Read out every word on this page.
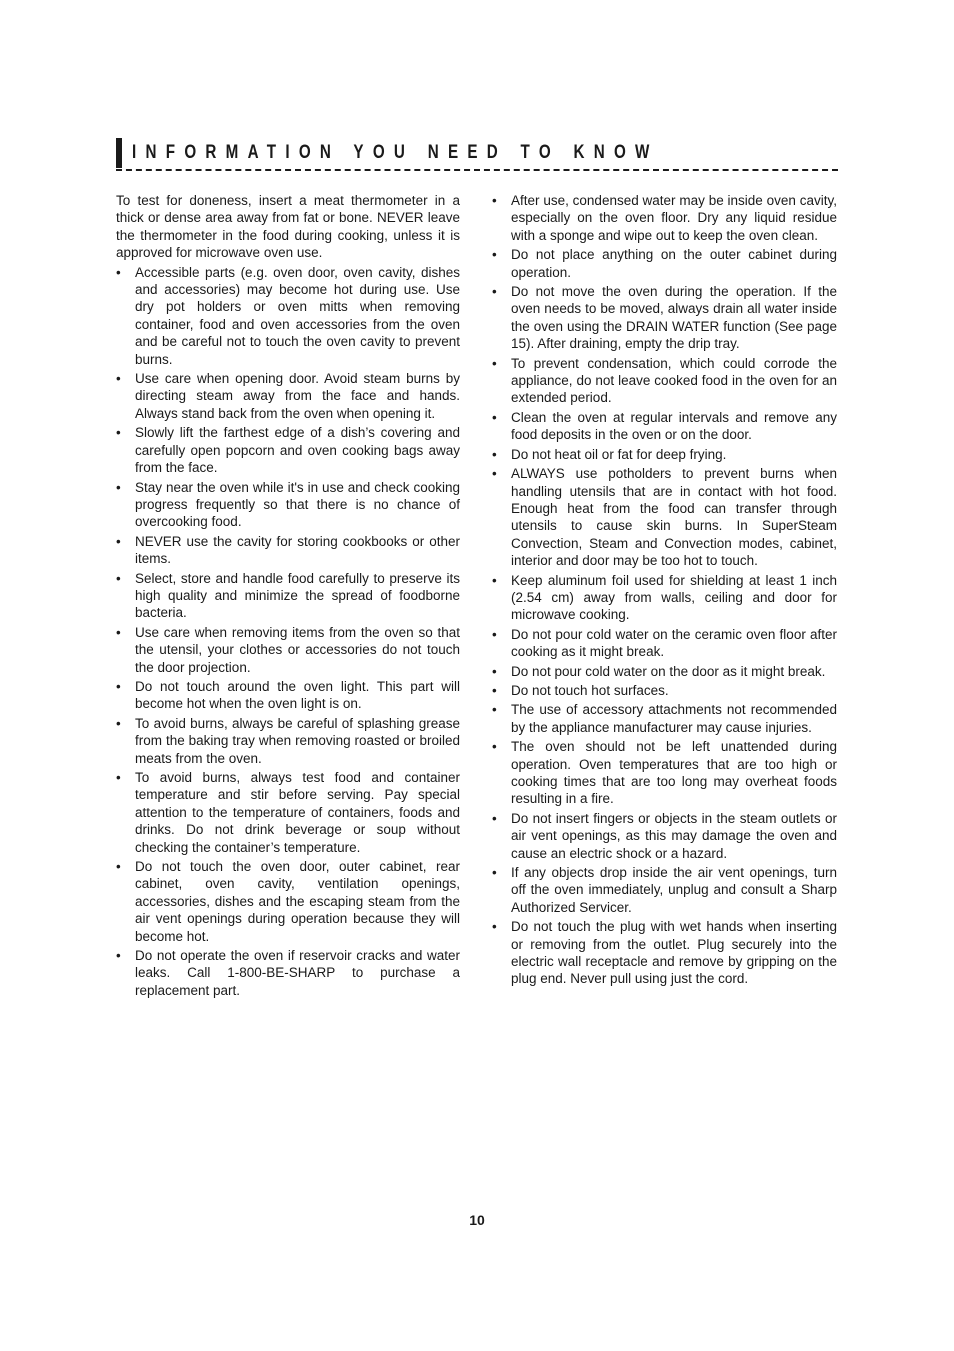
INFORMATION YOU NEED TO KNOW

To test for doneness, insert a meat thermometer in a thick or dense area away from fat or bone. NEVER leave the thermometer in the food during cooking, unless it is approved for microwave oven use.

• Accessible parts (e.g. oven door, oven cavity, dishes and accessories) may become hot during use. Use dry pot holders or oven mitts when removing container, food and oven accessories from the oven and be careful not to touch the oven cavity to prevent burns.
• Use care when opening door. Avoid steam burns by directing steam away from the face and hands. Always stand back from the oven when opening it.
• Slowly lift the farthest edge of a dish’s covering and carefully open popcorn and oven cooking bags away from the face.
• Stay near the oven while it's in use and check cooking progress frequently so that there is no chance of overcooking food.
• NEVER use the cavity for storing cookbooks or other items.
• Select, store and handle food carefully to preserve its high quality and minimize the spread of foodborne bacteria.
• Use care when removing items from the oven so that the utensil, your clothes or accessories do not touch the door projection.
• Do not touch around the oven light. This part will become hot when the oven light is on.
• To avoid burns, always be careful of splashing grease from the baking tray when removing roasted or broiled meats from the oven.
• To avoid burns, always test food and container temperature and stir before serving. Pay special attention to the temperature of containers, foods and drinks. Do not drink beverage or soup without checking the container’s temperature.
• Do not touch the oven door, outer cabinet, rear cabinet, oven cavity, ventilation openings, accessories, dishes and the escaping steam from the air vent openings during operation because they will become hot.
• Do not operate the oven if reservoir cracks and water leaks. Call 1-800-BE-SHARP to purchase a replacement part.
• After use, condensed water may be inside oven cavity, especially on the oven floor. Dry any liquid residue with a sponge and wipe out to keep the oven clean.
• Do not place anything on the outer cabinet during operation.
• Do not move the oven during the operation. If the oven needs to be moved, always drain all water inside the oven using the DRAIN WATER function (See page 15). After draining, empty the drip tray.
• To prevent condensation, which could corrode the appliance, do not leave cooked food in the oven for an extended period.
• Clean the oven at regular intervals and remove any food deposits in the oven or on the door.
• Do not heat oil or fat for deep frying.
• ALWAYS use potholders to prevent burns when handling utensils that are in contact with hot food. Enough heat from the food can transfer through utensils to cause skin burns. In SuperSteam Convection, Steam and Convection modes, cabinet, interior and door may be too hot to touch.
• Keep aluminum foil used for shielding at least 1 inch (2.54 cm) away from walls, ceiling and door for microwave cooking.
• Do not pour cold water on the ceramic oven floor after cooking as it might break.
• Do not pour cold water on the door as it might break.
• Do not touch hot surfaces.
• The use of accessory attachments not recommended by the appliance manufacturer may cause injuries.
• The oven should not be left unattended during operation. Oven temperatures that are too high or cooking times that are too long may overheat foods resulting in a fire.
• Do not insert fingers or objects in the steam outlets or air vent openings, as this may damage the oven and cause an electric shock or a hazard.
• If any objects drop inside the air vent openings, turn off the oven immediately, unplug and consult a Sharp Authorized Servicer.
• Do not touch the plug with wet hands when inserting or removing from the outlet. Plug securely into the electric wall receptacle and remove by gripping on the plug end. Never pull using just the cord.
10
